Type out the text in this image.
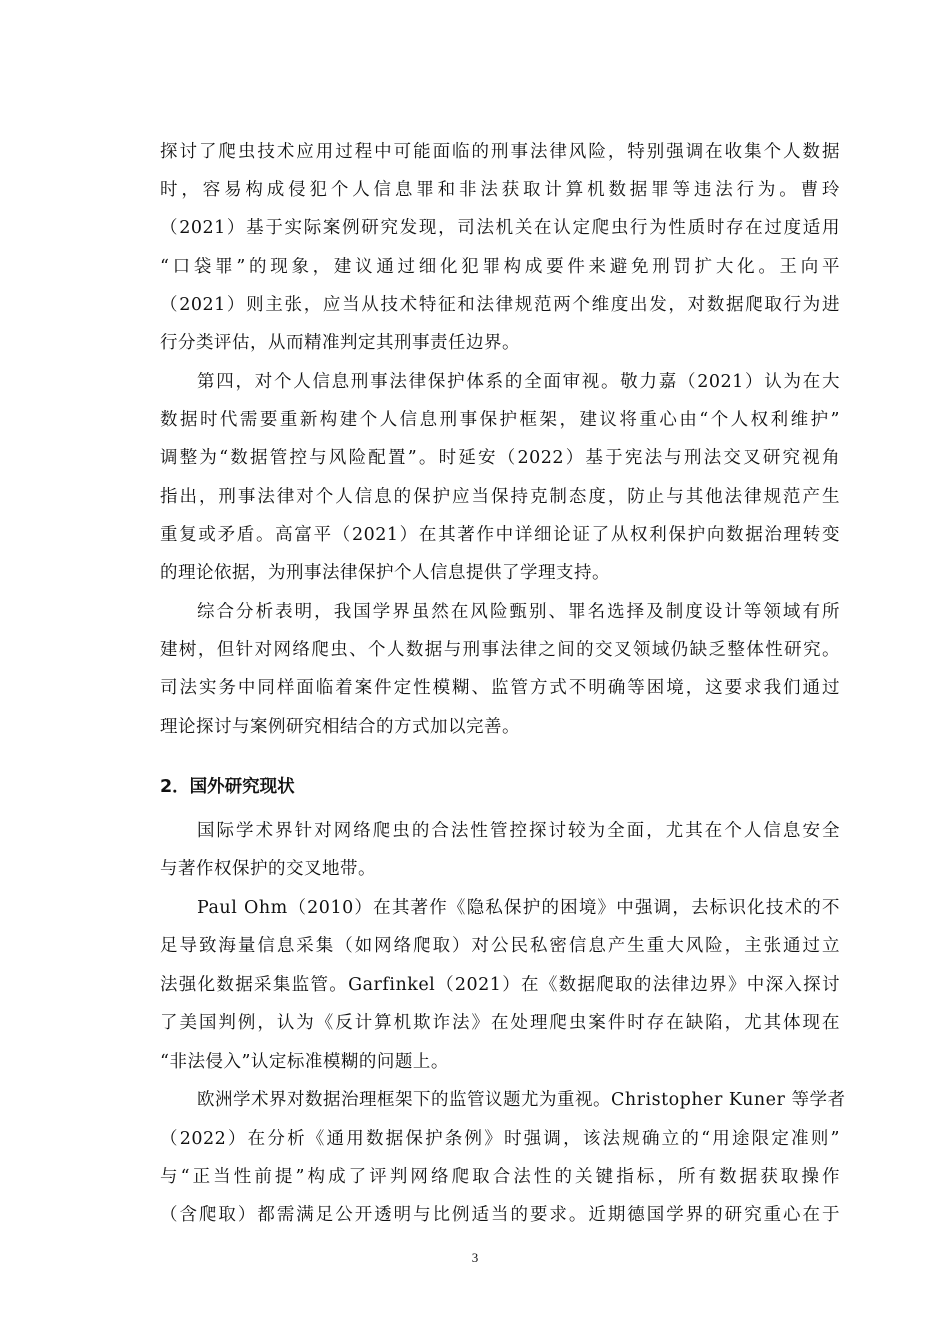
探讨了爬虫技术应用过程中可能面临的刑事法律风险，特别强调在收集个人数据
时，容易构成侵犯个人信息罪和非法获取计算机数据罪等违法行为。曹玲
（2021）基于实际案例研究发现，司法机关在认定爬虫行为性质时存在过度适用
“口袋罪”的现象，建议通过细化犯罪构成要件来避免刑罚扩大化。王向平
（2021）则主张，应当从技术特征和法律规范两个维度出发，对数据爬取行为进
行分类评估，从而精准判定其刑事责任边界。
第四，对个人信息刑事法律保护体系的全面审视。敬力嘉（2021）认为在大
数据时代需要重新构建个人信息刑事保护框架，建议将重心由“个人权利维护”
调整为“数据管控与风险配置”。时延安（2022）基于宪法与刑法交叉研究视角
指出，刑事法律对个人信息的保护应当保持克制态度，防止与其他法律规范产生
重复或矛盾。高富平（2021）在其著作中详细论证了从权利保护向数据治理转变
的理论依据，为刑事法律保护个人信息提供了学理支持。
综合分析表明，我国学界虽然在风险甄别、罪名选择及制度设计等领域有所
建树，但针对网络爬虫、个人数据与刑事法律之间的交叉领域仍缺乏整体性研究。
司法实务中同样面临着案件定性模糊、监管方式不明确等困境，这要求我们通过
理论探讨与案例研究相结合的方式加以完善。
2．国外研究现状
国际学术界针对网络爬虫的合法性管控探讨较为全面，尤其在个人信息安全
与著作权保护的交叉地带。
Paul Ohm（2010）在其著作《隐私保护的困境》中强调，去标识化技术的不
足导致海量信息采集（如网络爬取）对公民私密信息产生重大风险，主张通过立
法强化数据采集监管。Garfinkel（2021）在《数据爬取的法律边界》中深入探讨
了美国判例，认为《反计算机欺诈法》在处理爬虫案件时存在缺陷，尤其体现在
“非法侵入”认定标准模糊的问题上。
欧洲学术界对数据治理框架下的监管议题尤为重视。Christopher Kuner 等学者
（2022）在分析《通用数据保护条例》时强调，该法规确立的“用途限定准则”
与“正当性前提”构成了评判网络爬取合法性的关键指标，所有数据获取操作
（含爬取）都需满足公开透明与比例适当的要求。近期德国学界的研究重心在于
3
